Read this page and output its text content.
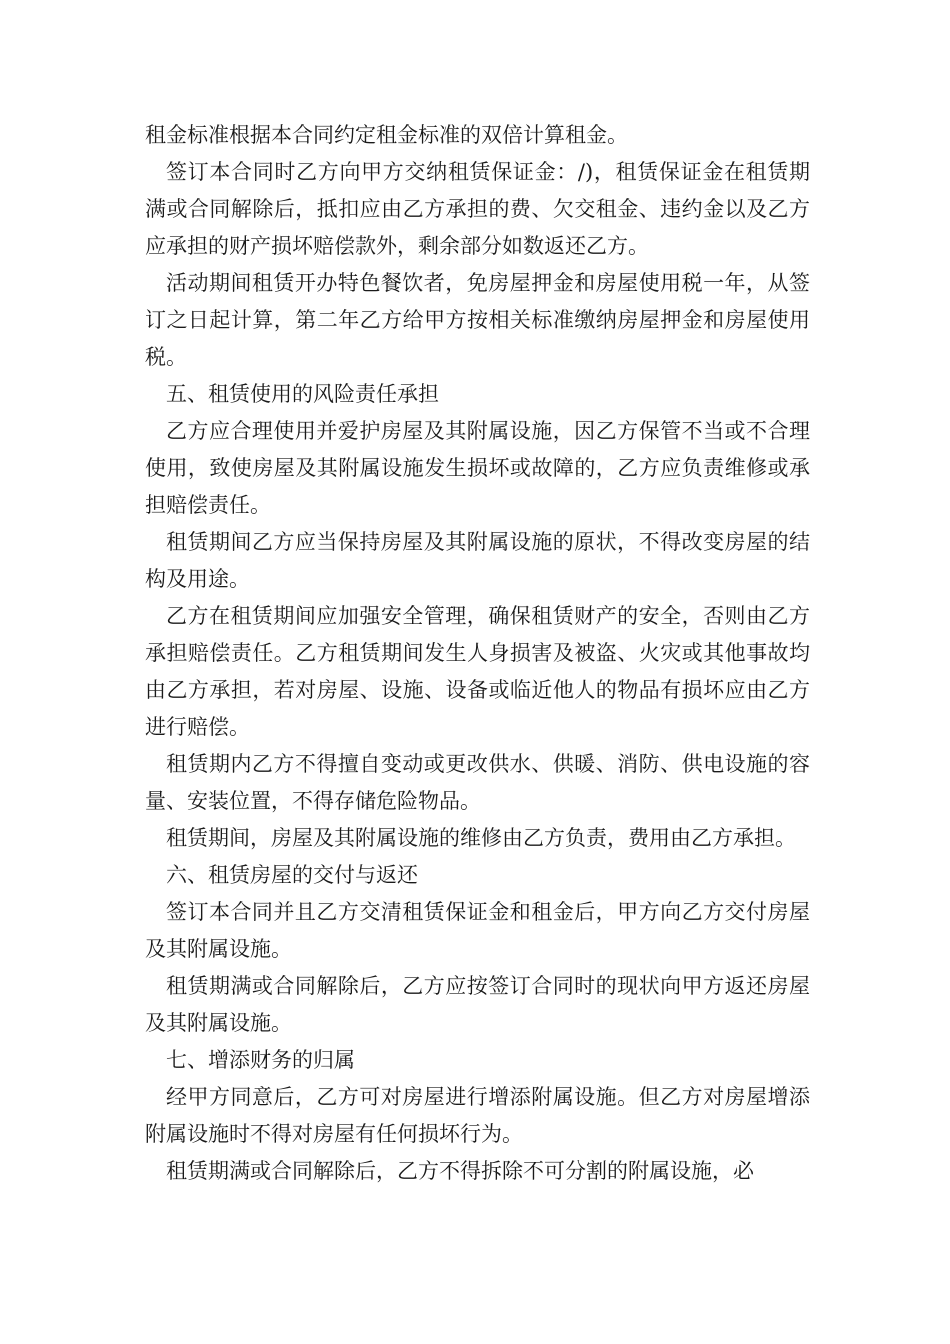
租金标准根据本合同约定租金标准的双倍计算租金。

签订本合同时乙方向甲方交纳租赁保证金：/)，租赁保证金在租赁期满或合同解除后，抵扣应由乙方承担的费、欠交租金、违约金以及乙方应承担的财产损坏赔偿款外，剩余部分如数返还乙方。

活动期间租赁开办特色餐饮者，免房屋押金和房屋使用税一年，从签订之日起计算，第二年乙方给甲方按相关标准缴纳房屋押金和房屋使用税。

五、租赁使用的风险责任承担

乙方应合理使用并爱护房屋及其附属设施，因乙方保管不当或不合理使用，致使房屋及其附属设施发生损坏或故障的，乙方应负责维修或承担赔偿责任。

租赁期间乙方应当保持房屋及其附属设施的原状，不得改变房屋的结构及用途。

乙方在租赁期间应加强安全管理，确保租赁财产的安全，否则由乙方承担赔偿责任。乙方租赁期间发生人身损害及被盗、火灾或其他事故均由乙方承担，若对房屋、设施、设备或临近他人的物品有损坏应由乙方进行赔偿。

租赁期内乙方不得擅自变动或更改供水、供暖、消防、供电设施的容量、安装位置，不得存储危险物品。

租赁期间，房屋及其附属设施的维修由乙方负责，费用由乙方承担。

六、租赁房屋的交付与返还

签订本合同并且乙方交清租赁保证金和租金后，甲方向乙方交付房屋及其附属设施。

租赁期满或合同解除后，乙方应按签订合同时的现状向甲方返还房屋及其附属设施。

七、增添财务的归属

经甲方同意后，乙方可对房屋进行增添附属设施。但乙方对房屋增添附属设施时不得对房屋有任何损坏行为。

租赁期满或合同解除后，乙方不得拆除不可分割的附属设施，必
